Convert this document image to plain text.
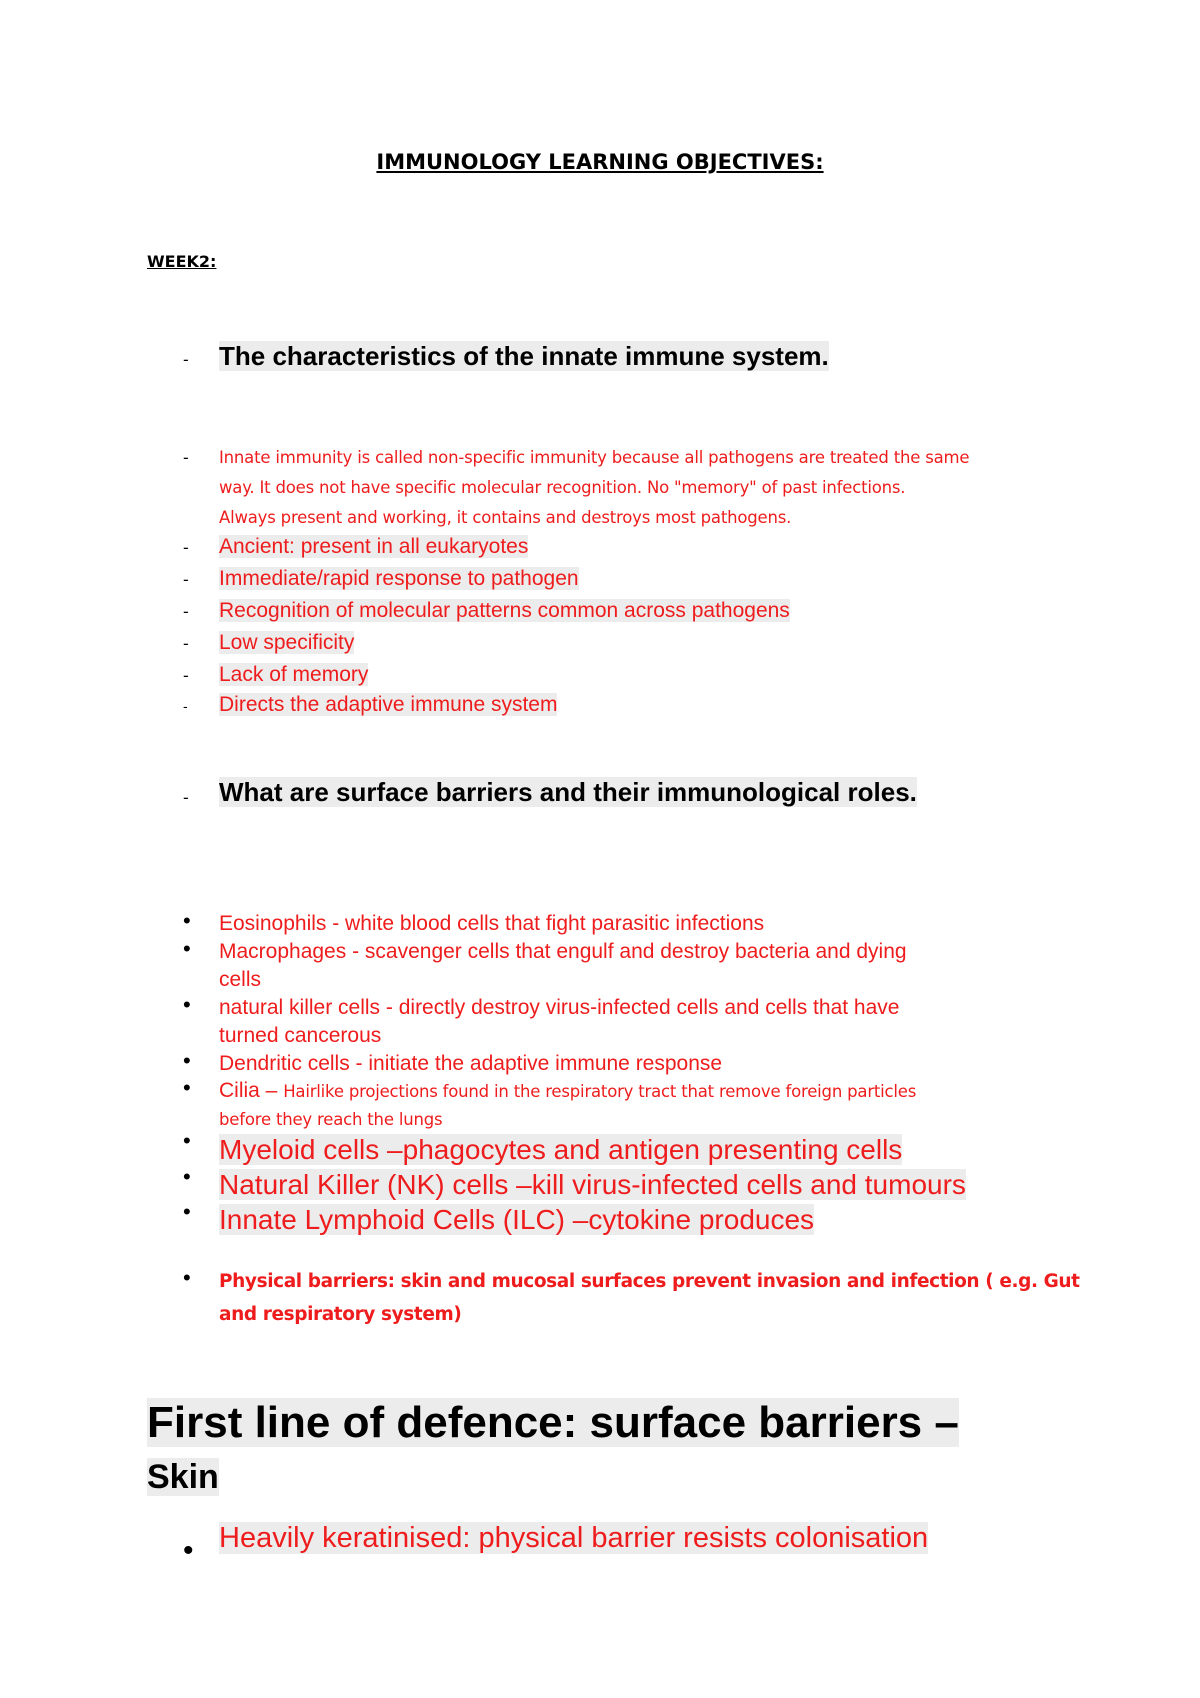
IMMUNOLOGY LEARNING OBJECTIVES:
WEEK2:
- The characteristics of the innate immune system.
- Innate immunity is called non-specific immunity because all pathogens are treated the same
way. It does not have specific molecular recognition. No "memory" of past infections.
Always present and working, it contains and destroys most pathogens.
- Ancient: present in all eukaryotes
- Immediate/rapid response to pathogen
- Recognition of molecular patterns common across pathogens
- Low specificity
- Lack of memory
- Directs the adaptive immune system
- What are surface barriers and their immunological roles.
• Eosinophils - white blood cells that fight parasitic infections
• Macrophages - scavenger cells that engulf and destroy bacteria and dying
cells
• natural killer cells - directly destroy virus-infected cells and cells that have
turned cancerous
• Dendritic cells - initiate the adaptive immune response
• Cilia – Hairlike projections found in the respiratory tract that remove foreign particles
before they reach the lungs
• Myeloid cells –phagocytes and antigen presenting cells
• Natural Killer (NK) cells –kill virus-infected cells and tumours
• Innate Lymphoid Cells (ILC) –cytokine produces
• Physical barriers: skin and mucosal surfaces prevent invasion and infection ( e.g. Gut
and respiratory system)
First line of defence: surface barriers –
Skin
• Heavily keratinised: physical barrier resists colonisation
